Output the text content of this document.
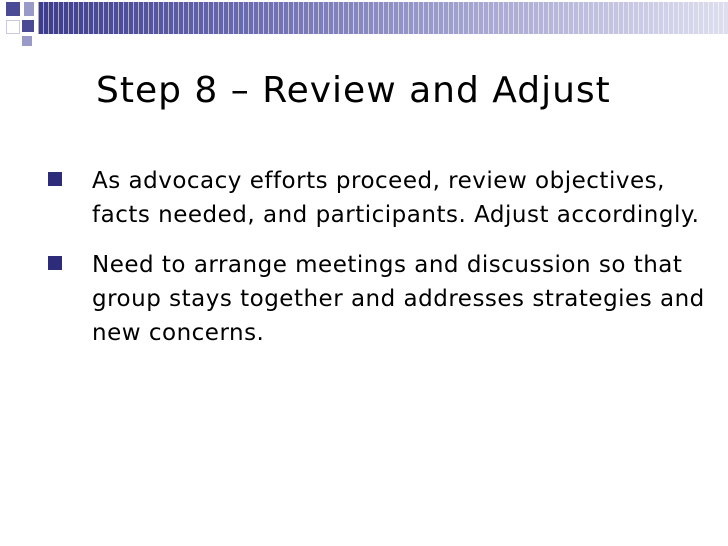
Step 8 – Review and Adjust
As advocacy efforts proceed, review objectives, facts needed, and participants. Adjust accordingly.
Need to arrange meetings and discussion so that group stays together and addresses strategies and new concerns.
